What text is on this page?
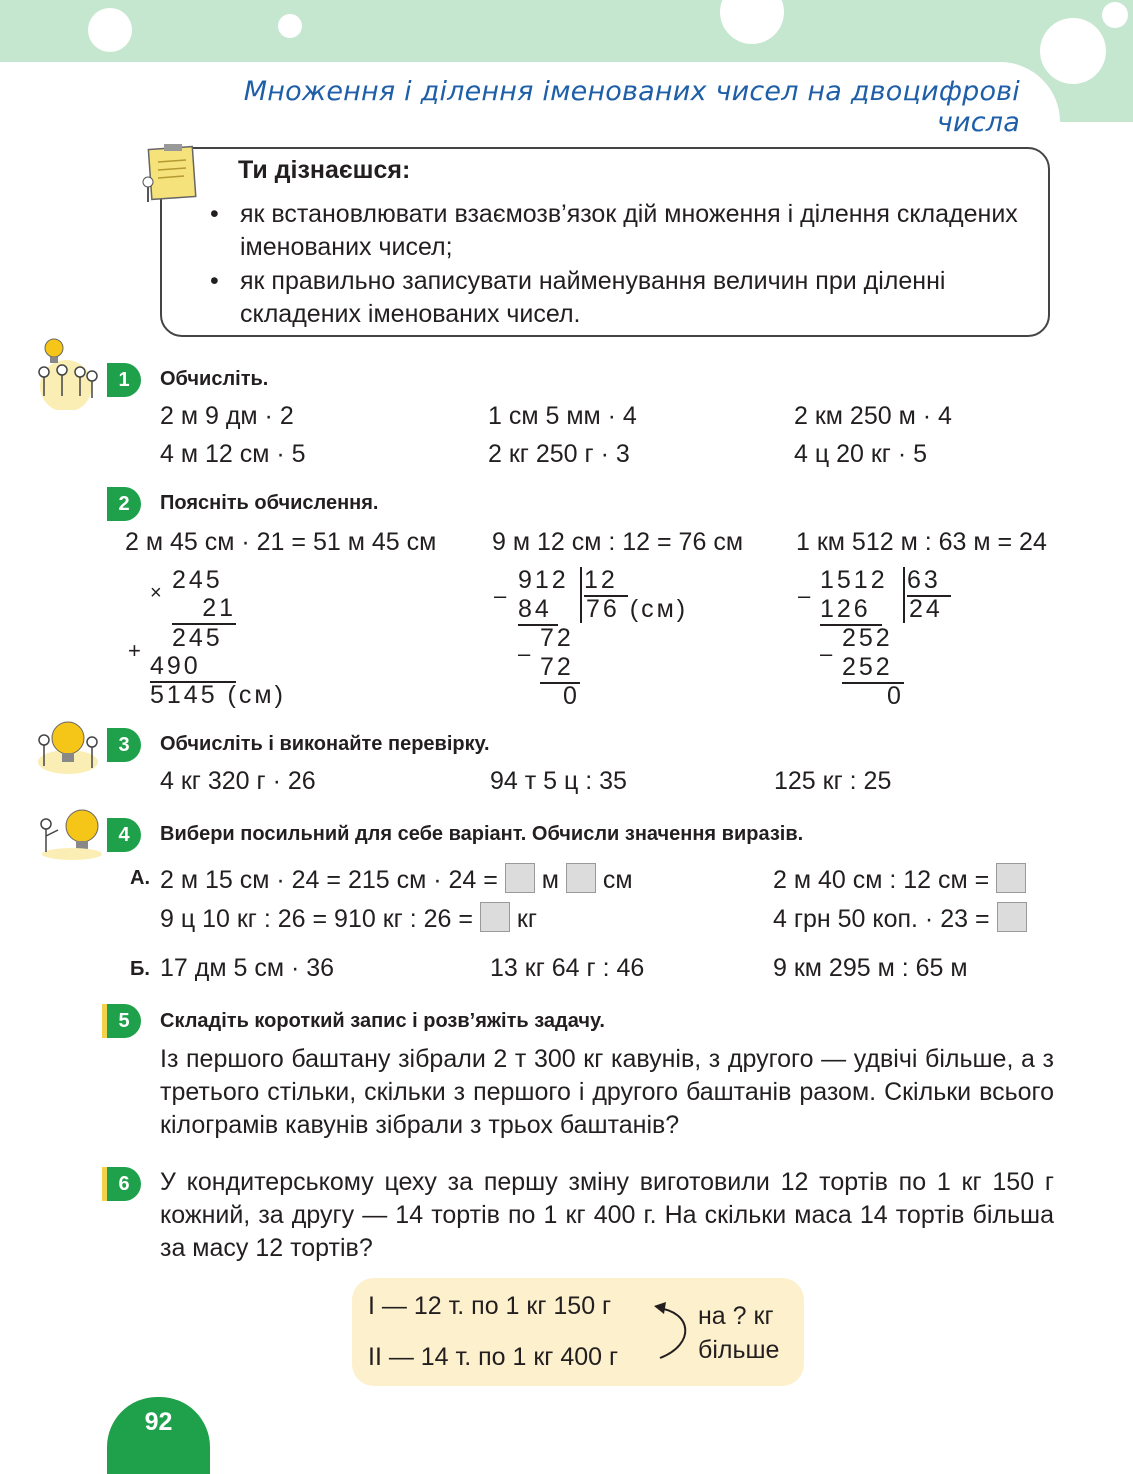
Множення і ділення іменованих чисел на двоцифрові числа
Ти дізнаєшся:
• як встановлювати взаємозв’язок дій множення і ділення складених іменованих чисел;
• як правильно записувати найменування величин при діленні складених іменованих чисел.
1	Обчисліть.
2 м 9 дм · 2	1 см 5 мм · 4	2 км 250 м · 4
4 м 12 см · 5	2 кг 250 г · 3	4 ц 20 кг · 5
2	Поясніть обчислення.
2 м 45 см · 21 = 51 м 45 см 9 м 12 см : 12 = 76 см 1 км 512 м : 63 м = 24
× 245
21
245
+
490
5145 (см)
–
912 12
84 76 (см)
72
– 72
0
–
1512 63
126	24
252
– 252
0
3	Обчисліть і виконайте перевірку.
4 кг 320 г · 26	94 т 5 ц : 35	125 кг : 25
4	Вибери посильний для себе варіант. Обчисли значення виразів.
А. 2 м 15 см · 24 = 215 см · 24 = м см	2 м 40 см : 12 см =
9 ц 10 кг : 26 = 910 кг : 26 = кг	4 грн 50 коп. · 23 =
Б. 17 дм 5 см · 36	13 кг 64 г : 46	9 км 295 м : 65 м
5	Складіть короткий запис і розв’яжіть задачу.
Із першого баштану зібрали 2 т 300 кг кавунів, з другого — удвічі більше, а з третього стільки, скільки з першого і другого баштанів разом. Скільки всього кілограмів кавунів зібрали з трьох баштанів?
6	У кондитерському цеху за першу зміну виготовили 12 тортів по 1 кг 150 г кожний, за другу — 14 тортів по 1 кг 400 г. На скільки маса 14 тортів більша за масу 12 тортів?
І — 12 т. по 1 кг 150 г
ІІ — 14 т. по 1 кг 400 г
на ? кг
більше
92
